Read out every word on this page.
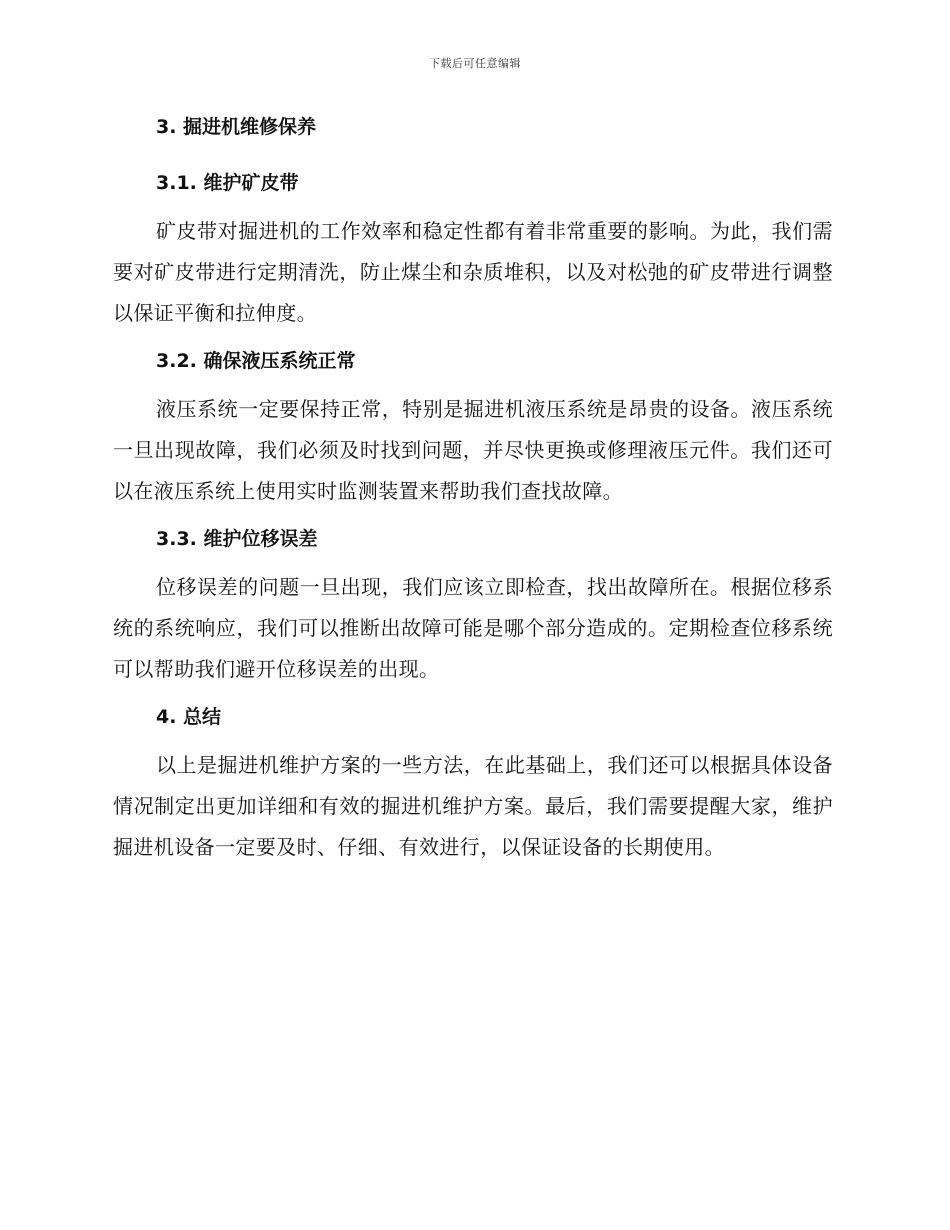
下载后可任意编辑
3. 掘进机维修保养
3.1. 维护矿皮带

矿皮带对掘进机的工作效率和稳定性都有着非常重要的影响。为此，我们需要对矿皮带进行定期清洗，防止煤尘和杂质堆积，以及对松弛的矿皮带进行调整以保证平衡和拉伸度。

3.2. 确保液压系统正常

液压系统一定要保持正常，特别是掘进机液压系统是昂贵的设备。液压系统一旦出现故障，我们必须及时找到问题，并尽快更换或修理液压元件。我们还可以在液压系统上使用实时监测装置来帮助我们查找故障。

3.3. 维护位移误差

位移误差的问题一旦出现，我们应该立即检查，找出故障所在。根据位移系统的系统响应，我们可以推断出故障可能是哪个部分造成的。定期检查位移系统可以帮助我们避开位移误差的出现。

4. 总结

以上是掘进机维护方案的一些方法，在此基础上，我们还可以根据具体设备情况制定出更加详细和有效的掘进机维护方案。最后，我们需要提醒大家，维护掘进机设备一定要及时、仔细、有效进行，以保证设备的长期使用。
